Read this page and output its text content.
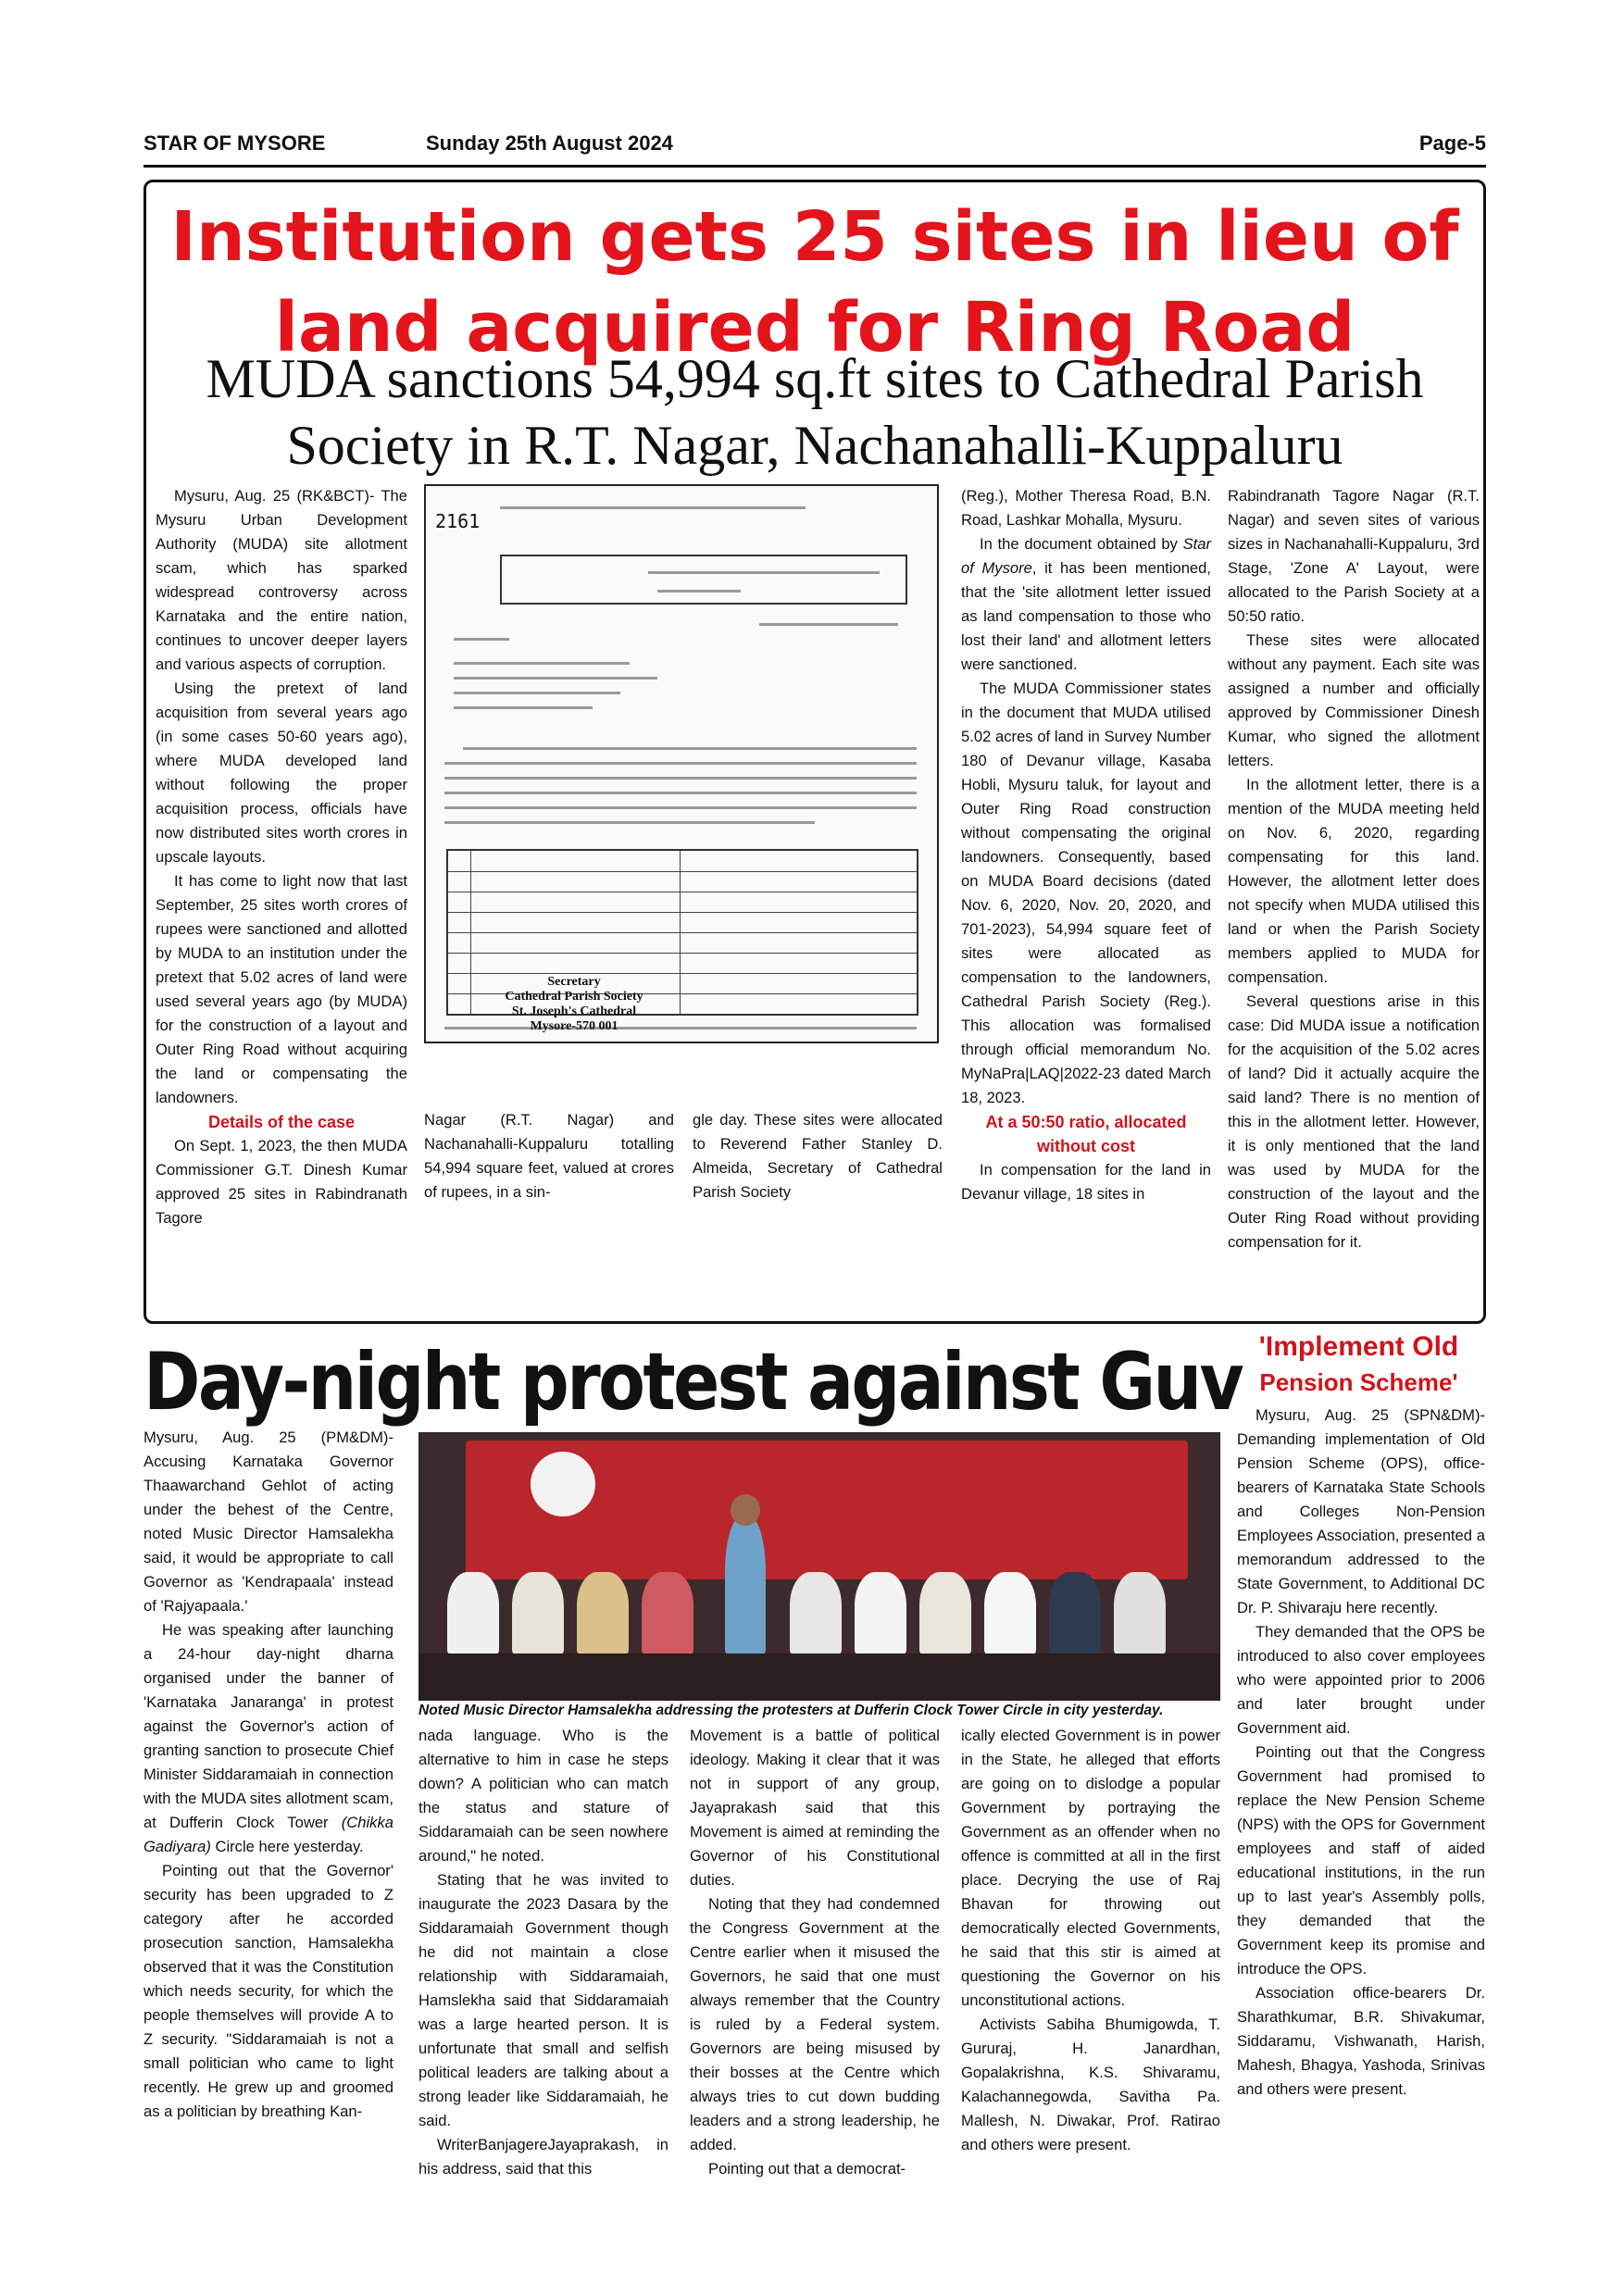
STAR OF MYSORE	Sunday 25th August 2024	Page-5
Institution gets 25 sites in lieu of
land acquired for Ring Road
MUDA sanctions 54,994 sq.ft sites to Cathedral Parish
Society in R.T. Nagar, Nachanahalli-Kuppaluru

Mysuru, Aug. 25 (RK&BCT)- The Mysuru Urban Development Authority (MUDA) site allotment scam, which has sparked widespread controversy across Karnataka and the entire nation, continues to uncover deeper layers and various aspects of corruption.

Using the pretext of land acquisition from several years ago (in some cases 50-60 years ago), where MUDA developed land without following the proper acquisition process, officials have now distributed sites worth crores in upscale layouts.

It has come to light now that last September, 25 sites worth crores of rupees were sanctioned and allotted by MUDA to an institution under the pretext that 5.02 acres of land were used several years ago (by MUDA) for the construction of a layout and Outer Ring Road without acquiring the land or compensating the landowners.

Details of the case

On Sept. 1, 2023, the then MUDA Commissioner G.T. Dinesh Kumar approved 25 sites in Rabindranath Tagore

2161
Secretary
Cathedral Parish Society
St. Joseph's Cathedral
Mysore-570 001

Nagar (R.T. Nagar) and Nachanahalli-Kuppaluru totalling 54,994 square feet, valued at crores of rupees, in a sin-

gle day. These sites were allocated to Reverend Father Stanley D. Almeida, Secretary of Cathedral Parish Society

(Reg.), Mother Theresa Road, B.N. Road, Lashkar Mohalla, Mysuru.

In the document obtained by Star of Mysore, it has been mentioned, that the 'site allotment letter issued as land compensation to those who lost their land' and allotment letters were sanctioned.

The MUDA Commissioner states in the document that MUDA utilised 5.02 acres of land in Survey Number 180 of Devanur village, Kasaba Hobli, Mysuru taluk, for layout and Outer Ring Road construction without compensating the original landowners. Consequently, based on MUDA Board decisions (dated Nov. 6, 2020, Nov. 20, 2020, and 701-2023), 54,994 square feet of sites were allocated as compensation to the landowners, Cathedral Parish Society (Reg.). This allocation was formalised through official memorandum No. MyNaPra|LAQ|2022-23 dated March 18, 2023.

At a 50:50 ratio, allocated without cost

In compensation for the land in Devanur village, 18 sites in

Rabindranath Tagore Nagar (R.T. Nagar) and seven sites of various sizes in Nachanahalli-Kuppaluru, 3rd Stage, 'Zone A' Layout, were allocated to the Parish Society at a 50:50 ratio.

These sites were allocated without any payment. Each site was assigned a number and officially approved by Commissioner Dinesh Kumar, who signed the allotment letters.

In the allotment letter, there is a mention of the MUDA meeting held on Nov. 6, 2020, regarding compensating for this land. However, the allotment letter does not specify when MUDA utilised this land or when the Parish Society members applied to MUDA for compensation.

Several questions arise in this case: Did MUDA issue a notification for the acquisition of the 5.02 acres of land? Did it actually acquire the said land? There is no mention of this in the allotment letter. However, it is only mentioned that the land was used by MUDA for the construction of the layout and the Outer Ring Road without providing compensation for it.

Day-night protest against Guv
Noted Music Director Hamsalekha addressing the protesters at Dufferin Clock Tower Circle in city yesterday.

Mysuru, Aug. 25 (PM&DM)- Accusing Karnataka Governor Thaawarchand Gehlot of acting under the behest of the Centre, noted Music Director Hamsalekha said, it would be appropriate to call Governor as 'Kendrapaala' instead of 'Rajyapaala.'

He was speaking after launching a 24-hour day-night dharna organised under the banner of 'Karnataka Janaranga' in protest against the Governor's action of granting sanction to prosecute Chief Minister Siddaramaiah in connection with the MUDA sites allotment scam, at Dufferin Clock Tower (Chikka Gadiyara) Circle here yesterday.

Pointing out that the Governor' security has been upgraded to Z category after he accorded prosecution sanction, Hamsalekha observed that it was the Constitution which needs security, for which the people themselves will provide A to Z security. "Siddaramaiah is not a small politician who came to light recently. He grew up and groomed as a politician by breathing Kan-

nada language. Who is the alternative to him in case he steps down? A politician who can match the status and stature of Siddaramaiah can be seen nowhere around," he noted.

Stating that he was invited to inaugurate the 2023 Dasara by the Siddaramaiah Government though he did not maintain a close relationship with Siddaramaiah, Hamslekha said that Siddaramaiah was a large hearted person. It is unfortunate that small and selfish political leaders are talking about a strong leader like Siddaramaiah, he said.

WriterBanjagereJayaprakash, in his address, said that this

Movement is a battle of political ideology. Making it clear that it was not in support of any group, Jayaprakash said that this Movement is aimed at reminding the Governor of his Constitutional duties.

Noting that they had condemned the Congress Government at the Centre earlier when it misused the Governors, he said that one must always remember that the Country is ruled by a Federal system. Governors are being misused by their bosses at the Centre which always tries to cut down budding leaders and a strong leadership, he added.

Pointing out that a democrat-

ically elected Government is in power in the State, he alleged that efforts are going on to dislodge a popular Government by portraying the Government as an offender when no offence is committed at all in the first place. Decrying the use of Raj Bhavan for throwing out democratically elected Governments, he said that this stir is aimed at questioning the Governor on his unconstitutional actions.

Activists Sabiha Bhumigowda, T. Gururaj, H. Janardhan, Gopalakrishna, K.S. Shivaramu, Kalachannegowda, Savitha Pa. Mallesh, N. Diwakar, Prof. Ratirao and others were present.

'Implement Old
Pension Scheme'

Mysuru, Aug. 25 (SPN&DM)- Demanding implementation of Old Pension Scheme (OPS), office-bearers of Karnataka State Schools and Colleges Non-Pension Employees Association, presented a memorandum addressed to the State Government, to Additional DC Dr. P. Shivaraju here recently.

They demanded that the OPS be introduced to also cover employees who were appointed prior to 2006 and later brought under Government aid.

Pointing out that the Congress Government had promised to replace the New Pension Scheme (NPS) with the OPS for Government employees and staff of aided educational institutions, in the run up to last year's Assembly polls, they demanded that the Government keep its promise and introduce the OPS.

Association office-bearers Dr. Sharathkumar, B.R. Shivakumar, Siddaramu, Vishwanath, Harish, Mahesh, Bhagya, Yashoda, Srinivas and others were present.
